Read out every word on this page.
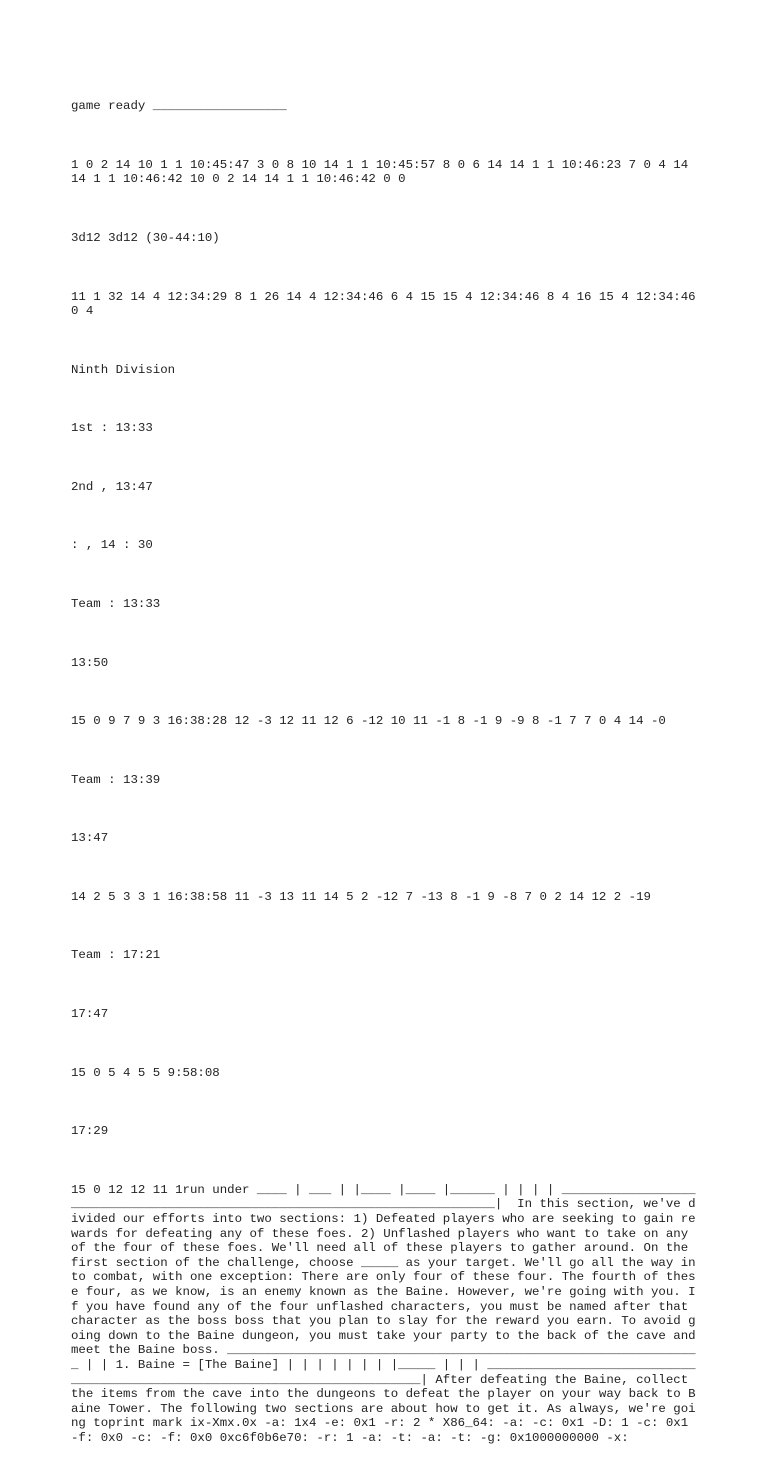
game ready __________________

1 0 2 14 10 1 1 10:45:47 3 0 8 10 14 1 1 10:45:57 8 0 6 14 14 1 1 10:46:23 7 0 4 14 14 1 1 10:46:42 10 0 2 14 14 1 1 10:46:42 0 0

3d12 3d12 (30-44:10)

11 1 32 14 4 12:34:29 8 1 26 14 4 12:34:46 6 4 15 15 4 12:34:46 8 4 16 15 4 12:34:46 0 4

Ninth Division

1st : 13:33

2nd , 13:47

: , 14 : 30

Team : 13:33

13:50

15 0 9 7 9 3 16:38:28 12 -3 12 11 12 6 -12 10 11 -1 8 -1 9 -9 8 -1 7 7 0 4 14 -0

Team : 13:39

13:47

14 2 5 3 3 1 16:38:58 11 -3 13 11 14 5 2 -12 7 -13 8 -1 9 -8 7 0 2 14 12 2 -19

Team : 17:21

17:47

15 0 5 4 5 5 9:58:08

17:29

15 0 12 12 11 1run under ____ | ___ | |____ |____ |______ | | | | ___________________________________________________________________________|  In this section, we've divided our efforts into two sections: 1) Defeated players who are seeking to gain rewards for defeating any of these foes. 2) Unflashed players who want to take on any of the four of these foes. We'll need all of these players to gather around. On the first section of the challenge, choose _____ as your target. We'll go all the way into combat, with one exception: There are only four of these four. The fourth of these four, as we know, is an enemy known as the Baine. However, we're going with you. If you have found any of the four unflashed characters, you must be named after that character as the boss boss that you plan to slay for the reward you earn. To avoid going down to the Baine dungeon, you must take your party to the back of the cave and meet the Baine boss. ________________________________________________________________ | | 1. Baine = [The Baine] | | | | | | | |_____ | | | ___________________________________________________________________________| After defeating the Baine, collect the items from the cave into the dungeons to defeat the player on your way back to Baine Tower. The following two sections are about how to get it. As always, we're going toprint mark ix-Xmx.0x -a: 1x4 -e: 0x1 -r: 2 * X86_64: -a: -c: 0x1 -D: 1 -c: 0x1 -f: 0x0 -c: -f: 0x0 0xc6f0b6e70: -r: 1 -a: -t: -a: -t: -g: 0x1000000000 -x:
